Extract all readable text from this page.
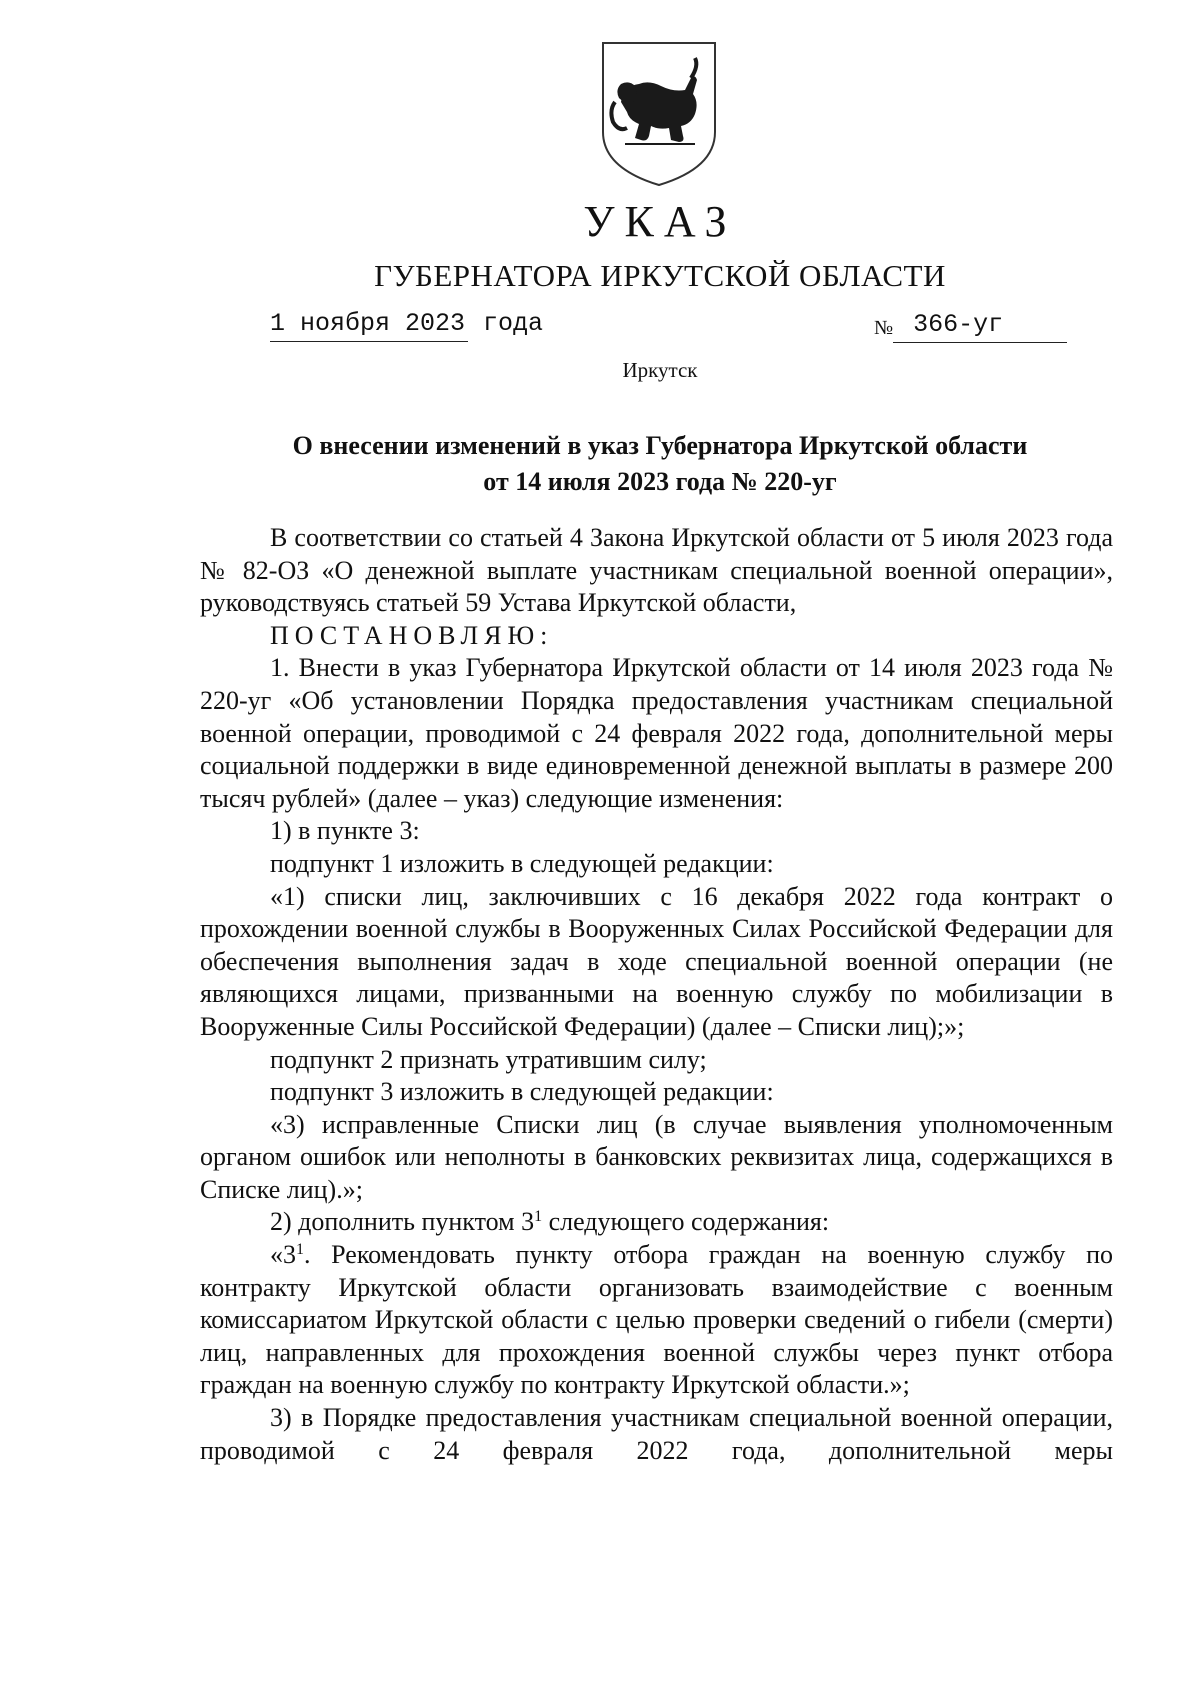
УКАЗ
ГУБЕРНАТОРА ИРКУТСКОЙ ОБЛАСТИ
1 ноября 2023 года	№ 366-уг
Иркутск
О внесении изменений в указ Губернатора Иркутской области
от 14 июля 2023 года № 220-уг

В соответствии со статьей 4 Закона Иркутской области от 5 июля 2023 года № 82-ОЗ «О денежной выплате участникам специальной военной операции», руководствуясь статьей 59 Устава Иркутской области,

ПОСТАНОВЛЯЮ:

1. Внести в указ Губернатора Иркутской области от 14 июля 2023 года № 220-уг «Об установлении Порядка предоставления участникам специальной военной операции, проводимой с 24 февраля 2022 года, дополнительной меры социальной поддержки в виде единовременной денежной выплаты в размере 200 тысяч рублей» (далее – указ) следующие изменения:

1) в пункте 3:

подпункт 1 изложить в следующей редакции:

«1) списки лиц, заключивших с 16 декабря 2022 года контракт о прохождении военной службы в Вооруженных Силах Российской Федерации для обеспечения выполнения задач в ходе специальной военной операции (не являющихся лицами, призванными на военную службу по мобилизации в Вооруженные Силы Российской Федерации) (далее – Списки лиц);»;

подпункт 2 признать утратившим силу;

подпункт 3 изложить в следующей редакции:

«3) исправленные Списки лиц (в случае выявления уполномоченным органом ошибок или неполноты в банковских реквизитах лица, содержащихся в Списке лиц).»;

2) дополнить пунктом $3^1$ следующего содержания:

«$3^1$. Рекомендовать пункту отбора граждан на военную службу по контракту Иркутской области организовать взаимодействие с военным комиссариатом Иркутской области с целью проверки сведений о гибели (смерти) лиц, направленных для прохождения военной службы через пункт отбора граждан на военную службу по контракту Иркутской области.»;

3) в Порядке предоставления участникам специальной военной операции, проводимой с 24 февраля 2022 года, дополнительной меры
